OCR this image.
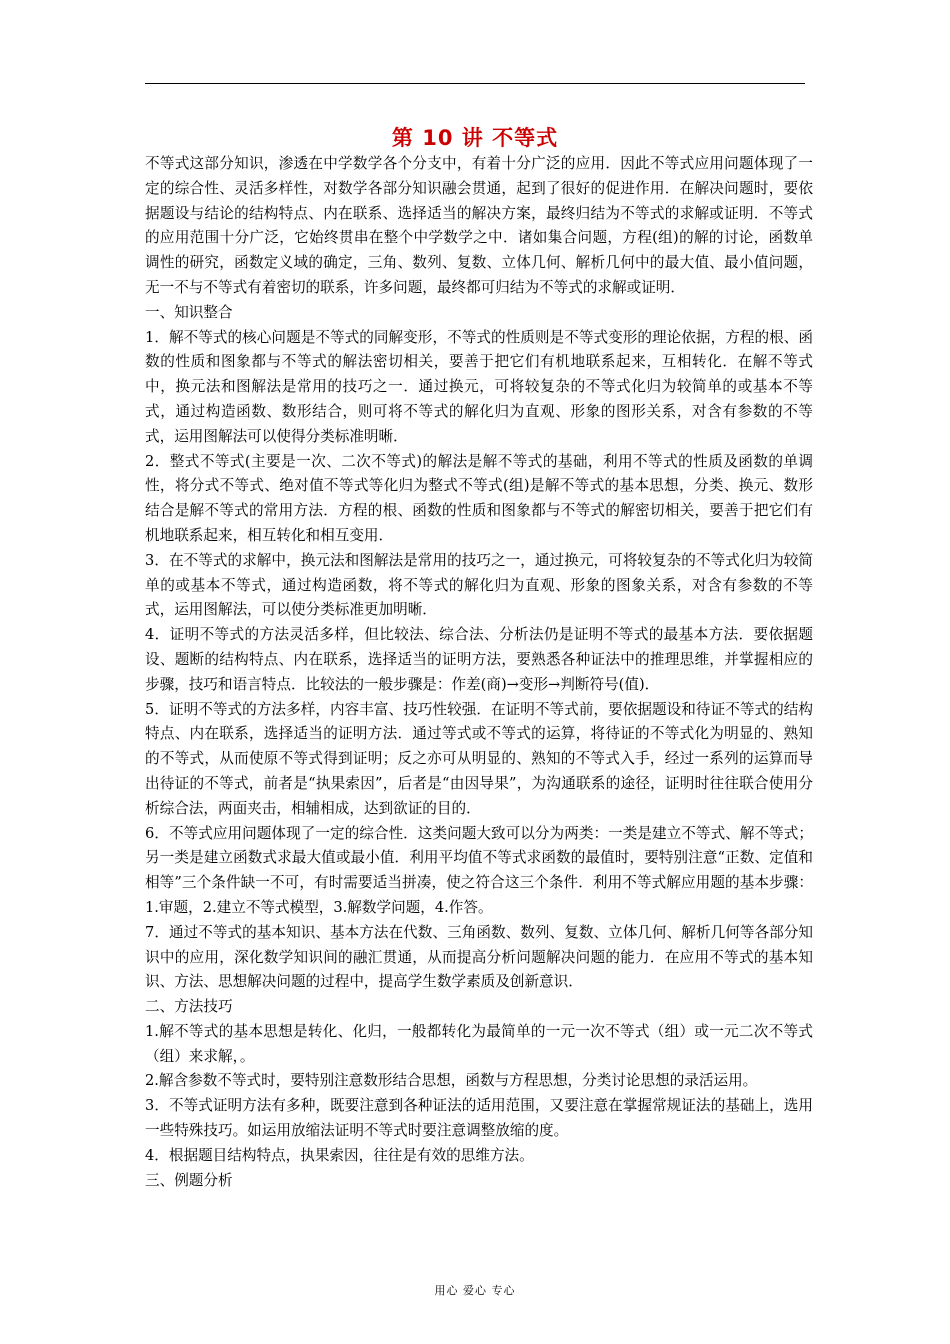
第 10 讲 不等式

不等式这部分知识，渗透在中学数学各个分支中，有着十分广泛的应用．因此不等式应用问题体现了一定的综合性、灵活多样性，对数学各部分知识融会贯通，起到了很好的促进作用．在解决问题时，要依据题设与结论的结构特点、内在联系、选择适当的解决方案，最终归结为不等式的求解或证明．不等式的应用范围十分广泛，它始终贯串在整个中学数学之中．诸如集合问题，方程(组)的解的讨论，函数单调性的研究，函数定义域的确定，三角、数列、复数、立体几何、解析几何中的最大值、最小值问题，无一不与不等式有着密切的联系，许多问题，最终都可归结为不等式的求解或证明．

一、知识整合

1．解不等式的核心问题是不等式的同解变形，不等式的性质则是不等式变形的理论依据，方程的根、函数的性质和图象都与不等式的解法密切相关，要善于把它们有机地联系起来，互相转化．在解不等式中，换元法和图解法是常用的技巧之一．通过换元，可将较复杂的不等式化归为较简单的或基本不等式，通过构造函数、数形结合，则可将不等式的解化归为直观、形象的图形关系，对含有参数的不等式，运用图解法可以使得分类标准明晰．

2．整式不等式(主要是一次、二次不等式)的解法是解不等式的基础，利用不等式的性质及函数的单调性，将分式不等式、绝对值不等式等化归为整式不等式(组)是解不等式的基本思想，分类、换元、数形结合是解不等式的常用方法．方程的根、函数的性质和图象都与不等式的解密切相关，要善于把它们有机地联系起来，相互转化和相互变用．

3．在不等式的求解中，换元法和图解法是常用的技巧之一，通过换元，可将较复杂的不等式化归为较简单的或基本不等式，通过构造函数，将不等式的解化归为直观、形象的图象关系，对含有参数的不等式，运用图解法，可以使分类标准更加明晰．

4．证明不等式的方法灵活多样，但比较法、综合法、分析法仍是证明不等式的最基本方法．要依据题设、题断的结构特点、内在联系，选择适当的证明方法，要熟悉各种证法中的推理思维，并掌握相应的步骤，技巧和语言特点．比较法的一般步骤是：作差(商)→变形→判断符号(值)．

5．证明不等式的方法多样，内容丰富、技巧性较强．在证明不等式前，要依据题设和待证不等式的结构特点、内在联系，选择适当的证明方法．通过等式或不等式的运算，将待证的不等式化为明显的、熟知的不等式，从而使原不等式得到证明；反之亦可从明显的、熟知的不等式入手，经过一系列的运算而导出待证的不等式，前者是“执果索因”，后者是“由因导果”，为沟通联系的途径，证明时往往联合使用分析综合法，两面夹击，相辅相成，达到欲证的目的．

6．不等式应用问题体现了一定的综合性．这类问题大致可以分为两类：一类是建立不等式、解不等式；另一类是建立函数式求最大值或最小值．利用平均值不等式求函数的最值时，要特别注意“正数、定值和相等”三个条件缺一不可，有时需要适当拼凑，使之符合这三个条件．利用不等式解应用题的基本步骤：1.审题，2.建立不等式模型，3.解数学问题，4.作答。

7．通过不等式的基本知识、基本方法在代数、三角函数、数列、复数、立体几何、解析几何等各部分知识中的应用，深化数学知识间的融汇贯通，从而提高分析问题解决问题的能力．在应用不等式的基本知识、方法、思想解决问题的过程中，提高学生数学素质及创新意识．

二、方法技巧

1.解不等式的基本思想是转化、化归，一般都转化为最简单的一元一次不等式（组）或一元二次不等式（组）来求解，。

2.解含参数不等式时，要特别注意数形结合思想，函数与方程思想，分类讨论思想的录活运用。

3．不等式证明方法有多种，既要注意到各种证法的适用范围，又要注意在掌握常规证法的基础上，选用一些特殊技巧。如运用放缩法证明不等式时要注意调整放缩的度。

4．根据题目结构特点，执果索因，往往是有效的思维方法。

三、例题分析

用心 爱心 专心
